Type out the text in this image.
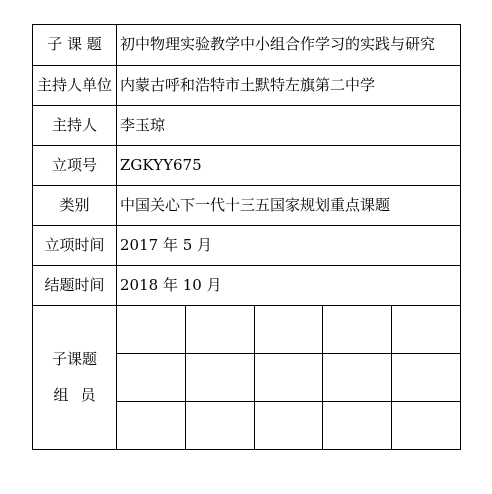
子 课 题	初中物理实验教学中小组合作学习的实践与研究
主持人单位	内蒙古呼和浩特市土默特左旗第二中学
主持人	李玉琼
立项号	ZGKYY675
类别	中国关心下一代十三五国家规划重点课题
立项时间	2017 年 5 月
结题时间	2018 年 10 月

子课题
组员
